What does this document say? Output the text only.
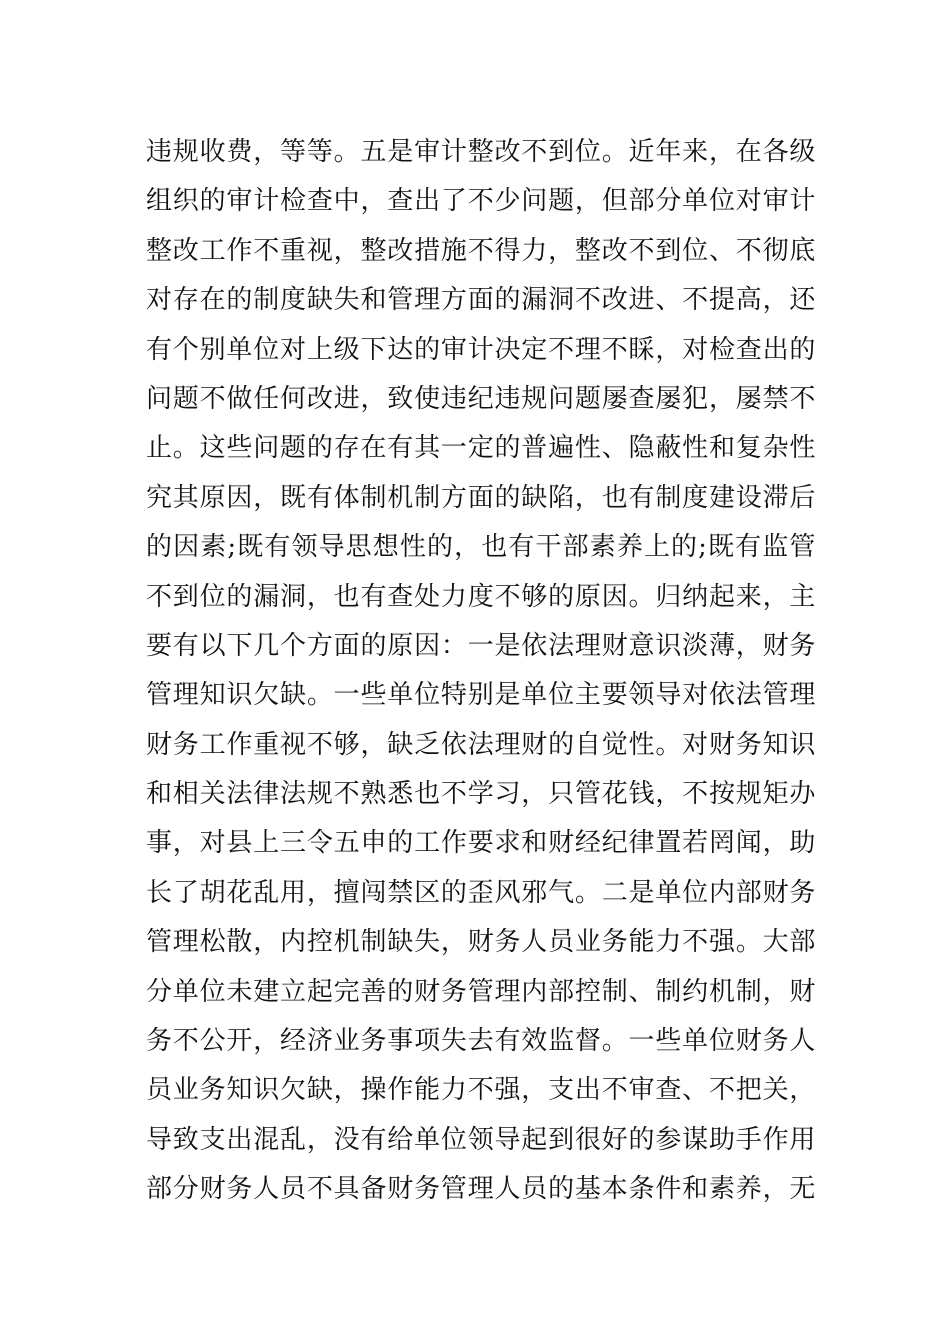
违规收费，等等。五是审计整改不到位。近年来，在各级
组织的审计检查中，查出了不少问题，但部分单位对审计
整改工作不重视，整改措施不得力，整改不到位、不彻底
对存在的制度缺失和管理方面的漏洞不改进、不提高，还
有个别单位对上级下达的审计决定不理不睬，对检查出的
问题不做任何改进，致使违纪违规问题屡查屡犯，屡禁不
止。这些问题的存在有其一定的普遍性、隐蔽性和复杂性
究其原因，既有体制机制方面的缺陷，也有制度建设滞后
的因素;既有领导思想性的，也有干部素养上的;既有监管
不到位的漏洞，也有查处力度不够的原因。归纳起来，主
要有以下几个方面的原因：一是依法理财意识淡薄，财务
管理知识欠缺。一些单位特别是单位主要领导对依法管理
财务工作重视不够，缺乏依法理财的自觉性。对财务知识
和相关法律法规不熟悉也不学习，只管花钱，不按规矩办
事，对县上三令五申的工作要求和财经纪律置若罔闻，助
长了胡花乱用，擅闯禁区的歪风邪气。二是单位内部财务
管理松散，内控机制缺失，财务人员业务能力不强。大部
分单位未建立起完善的财务管理内部控制、制约机制，财
务不公开，经济业务事项失去有效监督。一些单位财务人
员业务知识欠缺，操作能力不强，支出不审查、不把关，
导致支出混乱，没有给单位领导起到很好的参谋助手作用
部分财务人员不具备财务管理人员的基本条件和素养，无
